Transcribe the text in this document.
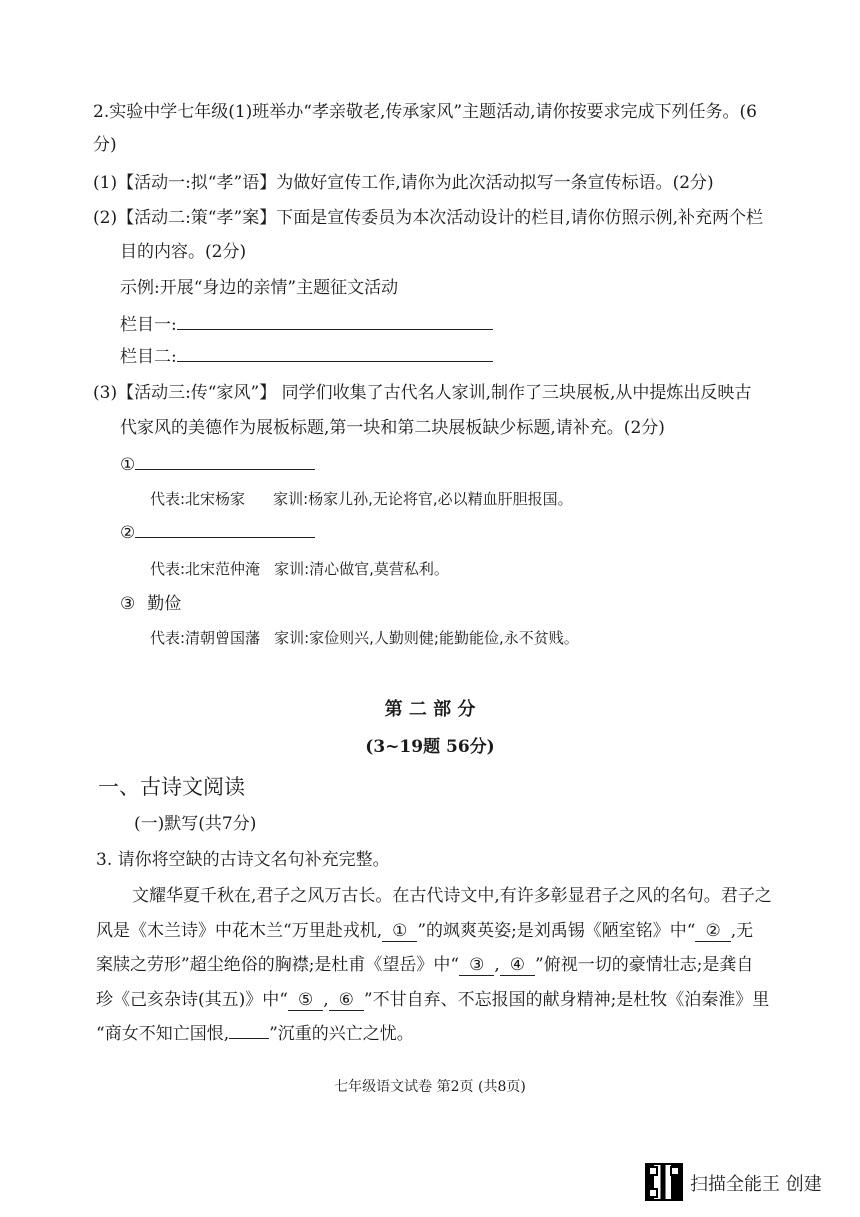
2.实验中学七年级(1)班举办“孝亲敬老,传承家风”主题活动,请你按要求完成下列任务。(6
分)
(1)【活动一:拟“孝”语】为做好宣传工作,请你为此次活动拟写一条宣传标语。(2分)
(2)【活动二:策“孝”案】下面是宣传委员为本次活动设计的栏目,请你仿照示例,补充两个栏
目的内容。(2分)
示例:开展“身边的亲情”主题征文活动
栏目一:
栏目二:
(3)【活动三:传“家风”】 同学们收集了古代名人家训,制作了三块展板,从中提炼出反映古
代家风的美德作为展板标题,第一块和第二块展板缺少标题,请补充。(2分)
①
代表:北宋杨家 家训:杨家儿孙,无论将官,必以精血肝胆报国。
②
代表:北宋范仲淹 家训:清心做官,莫营私利。
③ 勤俭
代表:清朝曾国藩 家训:家俭则兴,人勤则健;能勤能俭,永不贫贱。
第 二 部 分
(3~19题 56分)
一、古诗文阅读
(一)默写(共7分)
3. 请你将空缺的古诗文名句补充完整。
文耀华夏千秋在,君子之风万古长。在古代诗文中,有许多彰显君子之风的名句。君子之
风是《木兰诗》中花木兰“万里赴戎机, ① ”的飒爽英姿;是刘禹锡《陋室铭》中“ ② ,无
案牍之劳形”超尘绝俗的胸襟;是杜甫《望岳》中“ ③ , ④ ”俯视一切的豪情壮志;是龚自
珍《己亥杂诗(其五)》中“ ⑤ , ⑥ ”不甘自弃、不忘报国的献身精神;是杜牧《泊秦淮》里
“商女不知亡国恨, ”沉重的兴亡之忧。
七年级语文试卷 第2页 (共8页)
扫描全能王 创建
